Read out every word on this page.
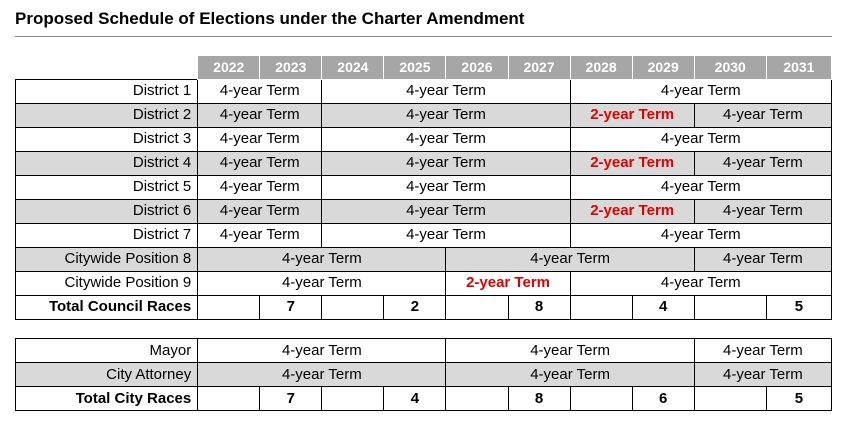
Proposed Schedule of Elections under the Charter Amendment
	2022	2023	2024	2025	2026	2027	2028	2029	2030	2031
District 1	4-year Term		4-year Term				4-year Term			
District 2	4-year Term		4-year Term				2-year Term		4-year Term	
District 3	4-year Term		4-year Term				4-year Term			
District 4	4-year Term		4-year Term				2-year Term		4-year Term	
District 5	4-year Term		4-year Term				4-year Term			
District 6	4-year Term		4-year Term				2-year Term		4-year Term	
District 7	4-year Term		4-year Term				4-year Term			
Citywide Position 8	4-year Term				4-year Term				4-year Term	
Citywide Position 9	4-year Term				2-year Term		4-year Term			
Total Council Races		7		2		8		4		5
Mayor	4-year Term				4-year Term				4-year Term	
City Attorney	4-year Term				4-year Term				4-year Term	
Total City Races		7		4		8		6		5
